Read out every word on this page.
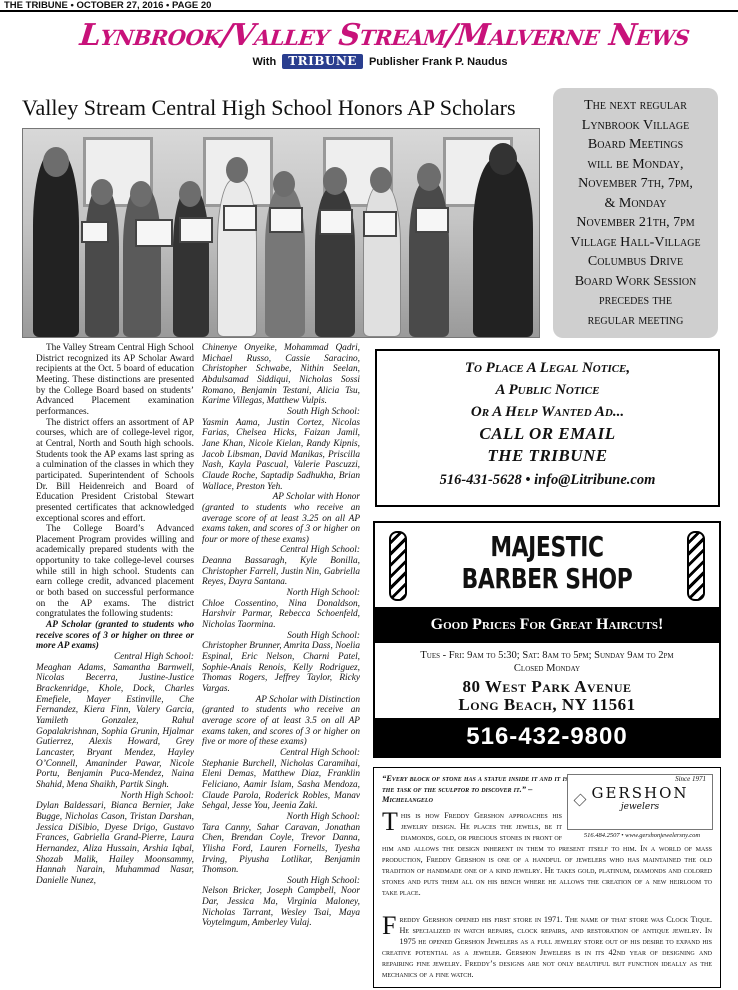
THE TRIBUNE • OCTOBER 27, 2016 • PAGE 20
Lynbrook/Valley Stream/Malverne News
With	TRIBUNE	Publisher Frank P. Naudus
Valley Stream Central High School Honors AP Scholars	The next regular
Lynbrook Village
Board Meetings
will be Monday,
November 7th, 7pm,
& Monday
November 21th, 7pm
Village Hall-Village
Columbus Drive
Board Work Session
precedes the
regular meeting

The Valley Stream Central High School District recognized its AP Scholar Award recipients at the Oct. 5 board of education Meeting. These distinctions are presented by the College Board based on students’ Advanced Placement examination performances.

The district offers an assortment of AP courses, which are of college-level rigor, at Central, North and South high schools. Students took the AP exams last spring as a culmination of the classes in which they participated. Superintendent of Schools Dr. Bill Heidenreich and Board of Education President Cristobal Stewart presented certificates that acknowledged exceptional scores and effort.

The College Board’s Advanced Placement Program provides willing and academically prepared students with the opportunity to take college-level courses while still in high school. Students can earn college credit, advanced placement or both based on successful performance on the AP exams. The district congratulates the following students:

AP Scholar (granted to students who receive scores of 3 or higher on three or more AP exams)

Central High School:

Meaghan Adams, Samantha Barnwell, Nicolas Becerra, Justine-Justice Brackenridge, Khole, Dock, Charles Emefiele, Mayer Estinville, Che Fernandez, Kiera Finn, Valery Garcia, Yamileth Gonzalez, Rahul Gopalakrishnan, Sophia Grunin, Hjalmar Gutierrez, Alexis Howard, Grey Lancaster, Bryant Mendez, Hayley O’Connell, Amaninder Pawar, Nicole Portu, Benjamin Puca-Mendez, Naina Shahid, Mena Shaikh, Partik Singh.

North High School:

Dylan Baldessari, Bianca Bernier, Jake Bugge, Nicholas Cason, Tristan Darshan, Jessica DiSibio, Dyese Drigo, Gustavo Frances, Gabriella Grand-Pierre, Laura Hernandez, Aliza Hussain, Arshia Iqbal, Shozab Malik, Hailey Moonsammy, Hannah Narain, Muhammad Nasar, Danielle Nunez,

Chinenye Onyeike, Mohammad Qadri, Michael Russo, Cassie Saracino, Christopher Schwabe, Nithin Seelan, Abdulsamad Siddiqui, Nicholas Sossi Romano, Benjamin Testani, Alicia Tsu, Karime Villegas, Matthew Vulpis.

South High School:

Yasmin Aama, Justin Cortez, Nicolas Farias, Chelsea Hicks, Faizan Jamil, Jane Khan, Nicole Kielan, Randy Kipnis, Jacob Libsman, David Manikas, Priscilla Nash, Kayla Pascual, Valerie Pascuzzi, Claude Roche, Saptadip Sadhukha, Brian Wallace, Preston Yeh.

AP Scholar with Honor

(granted to students who receive an average score of at least 3.25 on all AP exams taken, and scores of 3 or higher on four or more of these exams)

Central High School:

Deanna Bassaragh, Kyle Bonilla, Christopher Farrell, Justin Nin, Gabriella Reyes, Dayra Santana.

North High School:

Chloe Cossentino, Nina Donaldson, Harshvir Parmar, Rebecca Schoenfeld, Nicholas Taormina.

South High School:

Christopher Brunner, Amrita Dass, Noelia Espinal, Eric Nelson, Charni Patel, Sophie-Anais Renois, Kelly Rodriguez, Thomas Rogers, Jeffrey Taylor, Ricky Vargas.

AP Scholar with Distinction

(granted to students who receive an average score of at least 3.5 on all AP exams taken, and scores of 3 or higher on five or more of these exams)

Central High School:

Stephanie Burchell, Nicholas Caramihai, Eleni Demas, Matthew Diaz, Franklin Feliciano, Aamir Islam, Sasha Mendoza, Claude Parola, Roderick Robles, Manav Sehgal, Jesse You, Jeenia Zaki.

North High School:

Tara Canny, Sahar Caravan, Jonathan Chen, Brendan Coyle, Trevor Danna, Ylisha Ford, Lauren Fornells, Tyesha Irving, Piyusha Lotlikar, Benjamin Thomson.

South High School:

Nelson Bricker, Joseph Campbell, Noor Dar, Jessica Ma, Virginia Maloney, Nicholas Tarrant, Wesley Tsai, Maya Voytelmgum, Amberley Vulaj.

To Place A Legal Notice,
A Public Notice
Or A Help Wanted Ad...
CALL OR EMAIL
THE TRIBUNE
516-431-5628 • info@Litribune.com
MAJESTIC
BARBER SHOP
Good Prices For Great Haircuts!
Tues - Fri: 9am to 5:30; Sat: 8am to 5pm; Sunday 9am to 2pm
Closed Monday
80 West Park Avenue
Long Beach, NY 11561
516-432-9800
“Every block of stone has a statue inside it and it is the task of the sculptor to discover it.” – Michelangelo
Since 1971
GERSHON
jewelers
516.484.2507 • www.gershonjewelersny.com
T his is how Freddy Gershon approaches his jewelry design. He places the jewels, be it diamonds, gold, or precious stones in front of him and allows the design inherent in them to present itself to him. In a world of mass production, Freddy Gershon is one of a handful of jewelers who has maintained the old tradition of handmade one of a kind jewelry. He takes gold, platinum, diamonds and colored stones and puts them all on his bench where he allows the creation of a new heirloom to take place.
F reddy Gershon opened his first store in 1971. The name of that store was Clock Tique. He specialized in watch repairs, clock repairs, and restoration of antique jewelry. In 1975 he opened Gershon Jewelers as a full jewelry store out of his desire to expand his creative potential as a jeweler. Gershon Jewelers is in its 42nd year of designing and repairing fine jewelry. Freddy’s designs are not only beautiful but function ideally as the mechanics of a fine watch.
